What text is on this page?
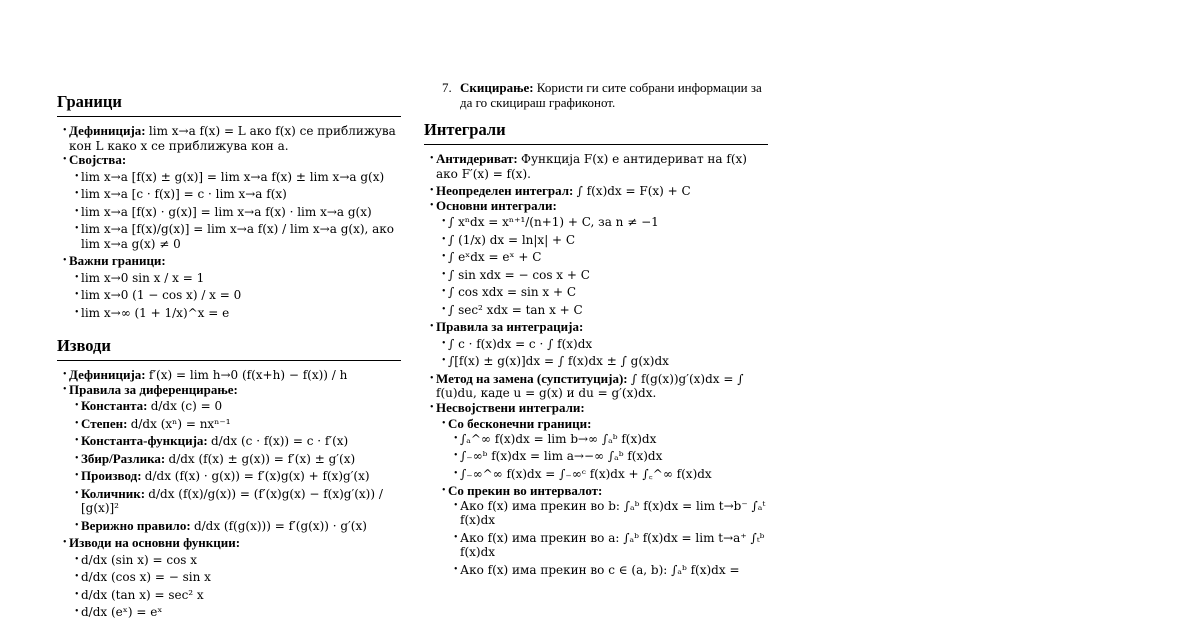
Граници
• Дефиниција: lim x→a f(x) = L ако f(x) се приближува кон L како x се приближува кон a.
• Својства:
• lim x→a [f(x) ± g(x)] = lim x→a f(x) ± lim x→a g(x)
• lim x→a [c · f(x)] = c · lim x→a f(x)
• lim x→a [f(x) · g(x)] = lim x→a f(x) · lim x→a g(x)
• lim x→a [f(x)/g(x)] = lim x→a f(x) / lim x→a g(x), ако lim x→a g(x) ≠ 0
• Важни граници:
• lim x→0 sin x / x = 1
• lim x→0 (1 − cos x) / x = 0
• lim x→∞ (1 + 1/x)^x = e
Изводи
• Дефиниција: f′(x) = lim h→0 (f(x+h) − f(x)) / h
• Правила за диференцирање:
• Константа: d/dx (c) = 0
• Степен: d/dx (xⁿ) = nxⁿ⁻¹
• Константа-функција: d/dx (c · f(x)) = c · f′(x)
• Збир/Разлика: d/dx (f(x) ± g(x)) = f′(x) ± g′(x)
• Производ: d/dx (f(x) · g(x)) = f′(x)g(x) + f(x)g′(x)
• Количник: d/dx (f(x)/g(x)) = (f′(x)g(x) − f(x)g′(x)) / [g(x)]²
• Верижно правило: d/dx (f(g(x))) = f′(g(x)) · g′(x)
• Изводи на основни функции:
• d/dx (sin x) = cos x
• d/dx (cos x) = − sin x
• d/dx (tan x) = sec² x
• d/dx (eˣ) = eˣ
7. Скицирање: Користи ги сите собрани информации за да го скицираш графиконот.
Интеграли
• Антидериват: Функција F(x) е антидериват на f(x) ако F′(x) = f(x).
• Неопределен интеграл: ∫ f(x)dx = F(x) + C
• Основни интеграли:
• ∫ xⁿdx = xⁿ⁺¹/(n+1) + C, за n ≠ −1
• ∫ (1/x) dx = ln|x| + C
• ∫ eˣdx = eˣ + C
• ∫ sin xdx = − cos x + C
• ∫ cos xdx = sin x + C
• ∫ sec² xdx = tan x + C
• Правила за интеграција:
• ∫ c · f(x)dx = c · ∫ f(x)dx
• ∫[f(x) ± g(x)]dx = ∫ f(x)dx ± ∫ g(x)dx
• Метод на замена (супституција): ∫ f(g(x))g′(x)dx = ∫ f(u)du, каде u = g(x) и du = g′(x)dx.
• Несвојствени интеграли:
• Со бесконечни граници:
• ∫ₐ^∞ f(x)dx = lim b→∞ ∫ₐᵇ f(x)dx
• ∫₋∞ᵇ f(x)dx = lim a→−∞ ∫ₐᵇ f(x)dx
• ∫₋∞^∞ f(x)dx = ∫₋∞ᶜ f(x)dx + ∫꜀^∞ f(x)dx
• Со прекин во интервалот:
• Ако f(x) има прекин во b: ∫ₐᵇ f(x)dx = lim t→b⁻ ∫ₐᵗ f(x)dx
• Ако f(x) има прекин во a: ∫ₐᵇ f(x)dx = lim t→a⁺ ∫ₜᵇ f(x)dx
• Ако f(x) има прекин во c ∈ (a, b): ∫ₐᵇ f(x)dx =
